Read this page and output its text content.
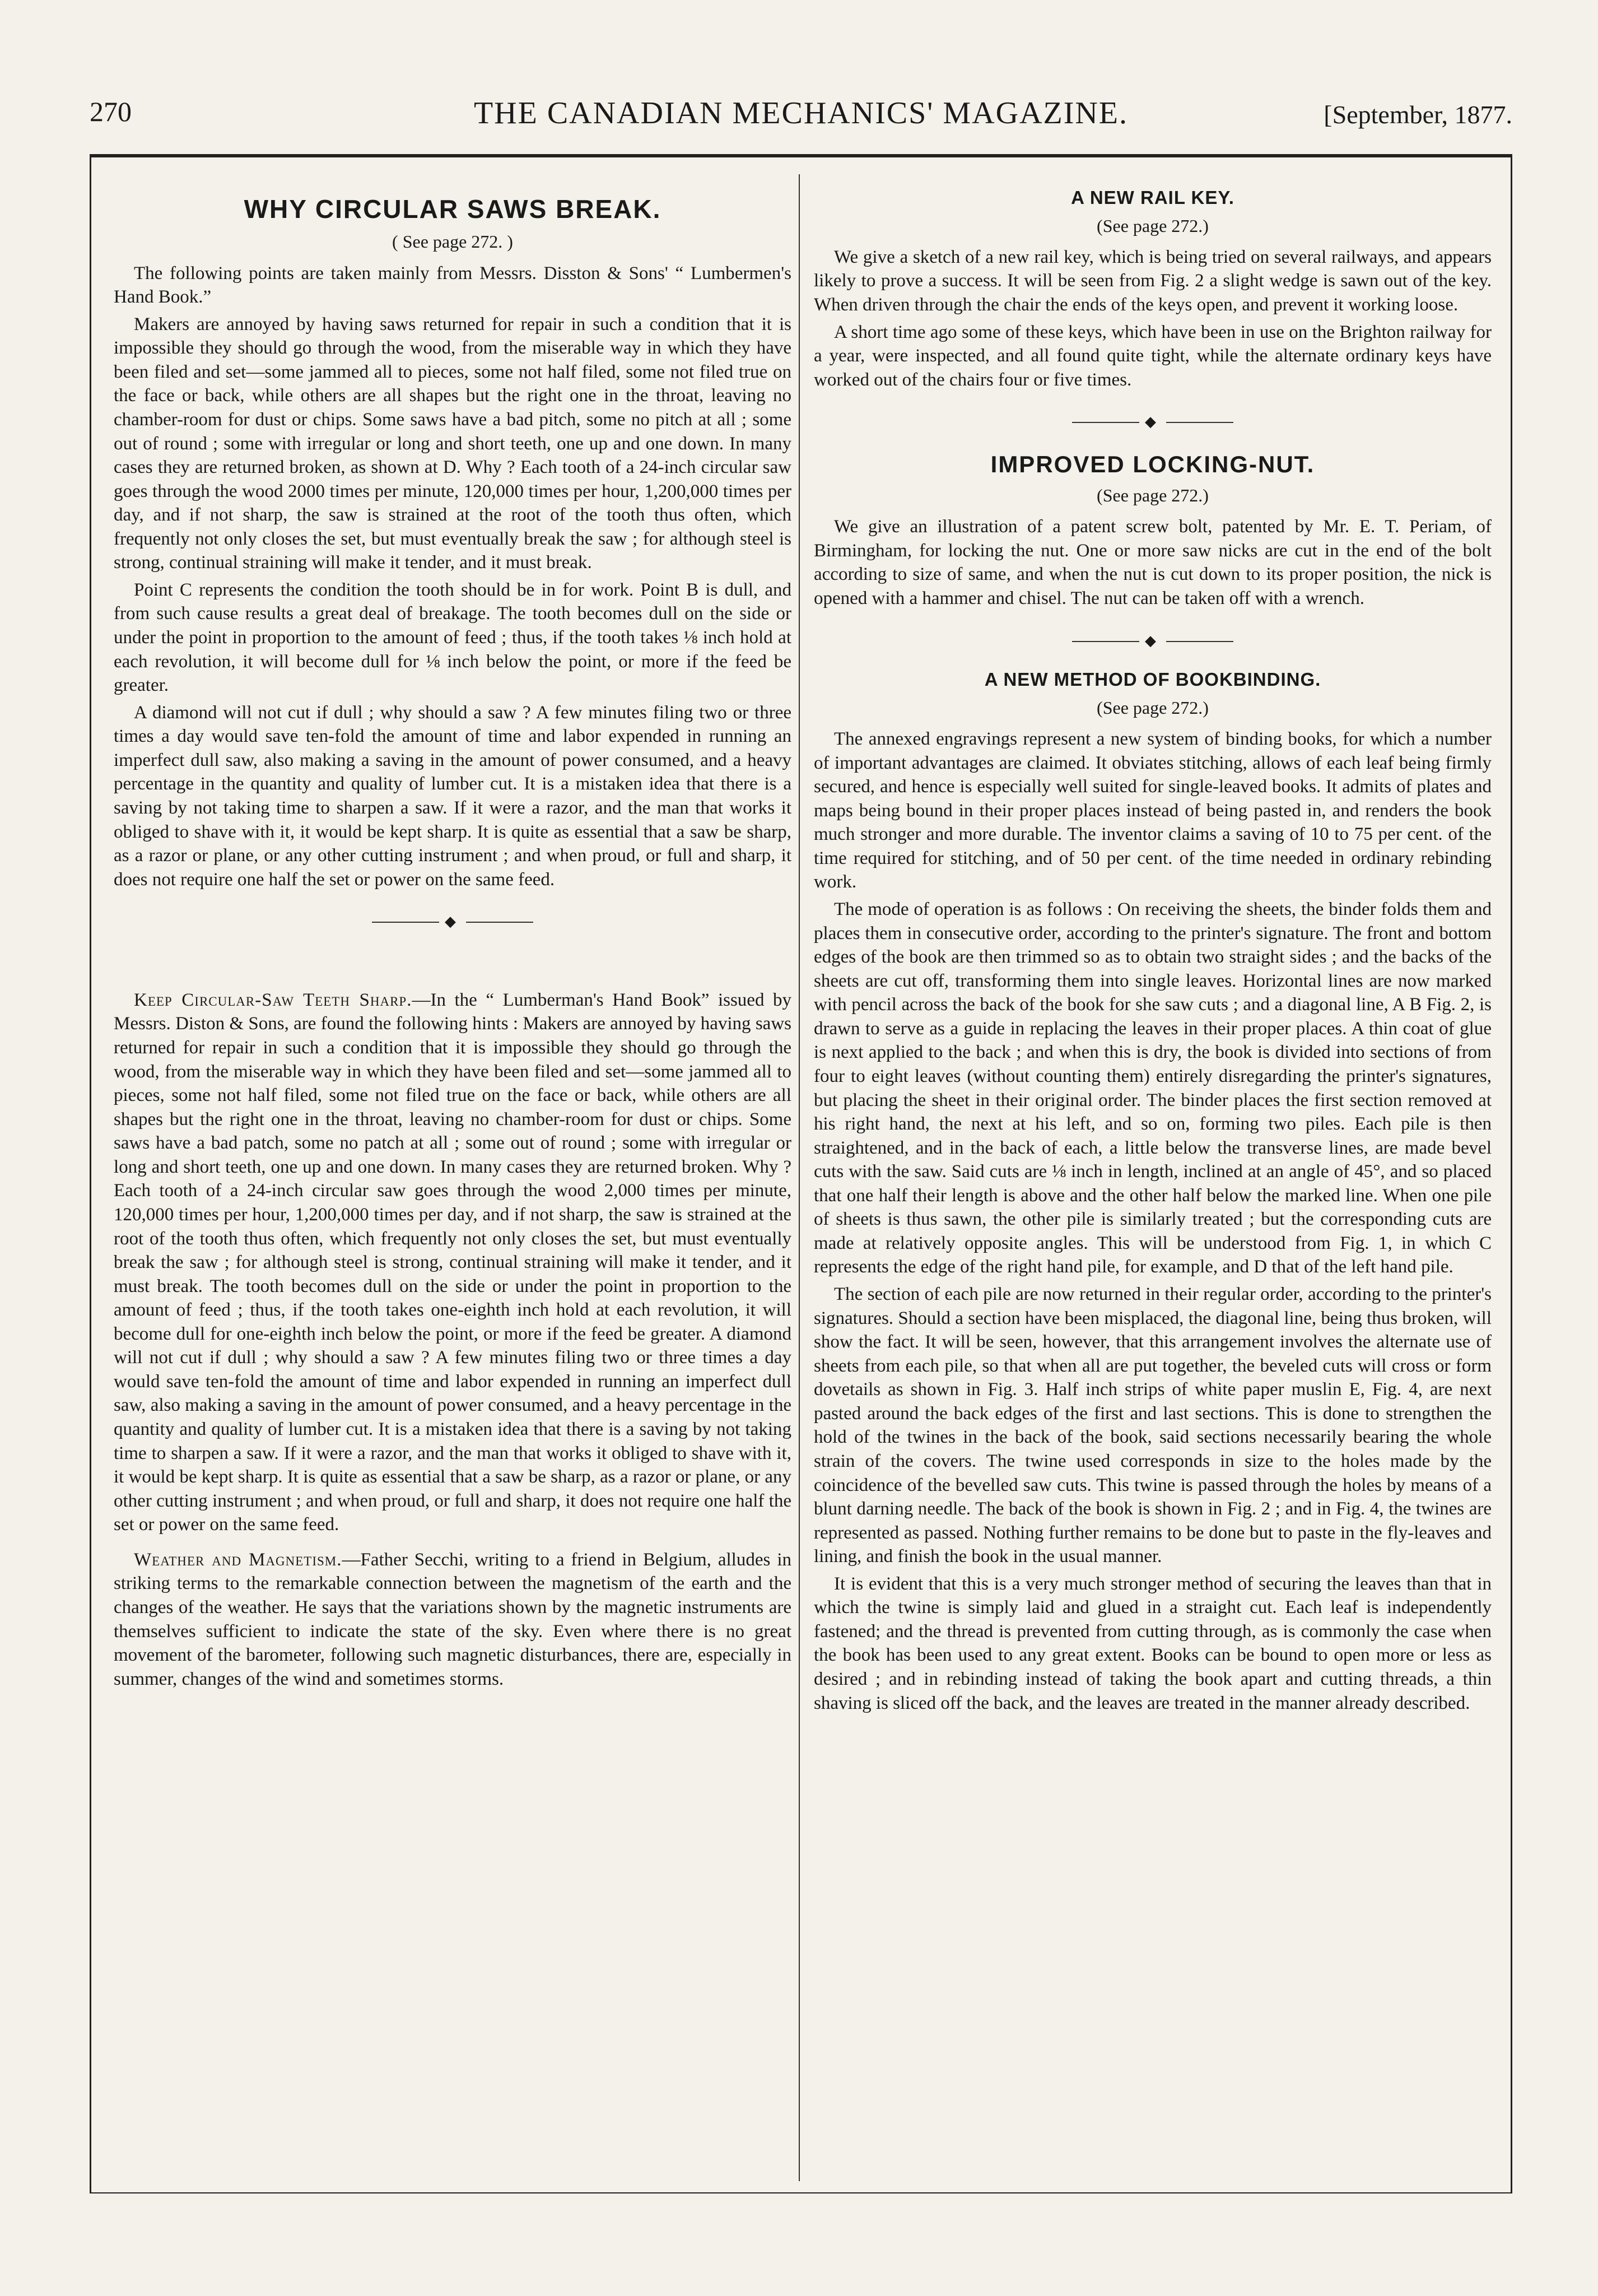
270	THE CANADIAN MECHANICS' MAGAZINE.	[September, 1877.
WHY CIRCULAR SAWS BREAK.
( See page 272. )

The following points are taken mainly from Messrs. Disston & Sons' “ Lumbermen's Hand Book.”

Makers are annoyed by having saws returned for repair in such a condition that it is impossible they should go through the wood, from the miserable way in which they have been filed and set—some jammed all to pieces, some not half filed, some not filed true on the face or back, while others are all shapes but the right one in the throat, leaving no chamber-room for dust or chips. Some saws have a bad pitch, some no pitch at all ; some out of round ; some with irregular or long and short teeth, one up and one down. In many cases they are returned broken, as shown at D. Why ? Each tooth of a 24-inch circular saw goes through the wood 2000 times per minute, 120,000 times per hour, 1,200,000 times per day, and if not sharp, the saw is strained at the root of the tooth thus often, which frequently not only closes the set, but must eventually break the saw ; for although steel is strong, continual straining will make it tender, and it must break.

Point C represents the condition the tooth should be in for work. Point B is dull, and from such cause results a great deal of breakage. The tooth becomes dull on the side or under the point in proportion to the amount of feed ; thus, if the tooth takes ⅛ inch hold at each revolution, it will become dull for ⅛ inch below the point, or more if the feed be greater.

A diamond will not cut if dull ; why should a saw ? A few minutes filing two or three times a day would save ten-fold the amount of time and labor expended in running an imperfect dull saw, also making a saving in the amount of power consumed, and a heavy percentage in the quantity and quality of lumber cut. It is a mistaken idea that there is a saving by not taking time to sharpen a saw. If it were a razor, and the man that works it obliged to shave with it, it would be kept sharp. It is quite as essential that a saw be sharp, as a razor or plane, or any other cutting instrument ; and when proud, or full and sharp, it does not require one half the set or power on the same feed.

◆

Keep Circular-Saw Teeth Sharp.—In the “ Lumberman's Hand Book” issued by Messrs. Diston & Sons, are found the following hints : Makers are annoyed by having saws returned for repair in such a condition that it is impossible they should go through the wood, from the miserable way in which they have been filed and set—some jammed all to pieces, some not half filed, some not filed true on the face or back, while others are all shapes but the right one in the throat, leaving no chamber-room for dust or chips. Some saws have a bad patch, some no patch at all ; some out of round ; some with irregular or long and short teeth, one up and one down. In many cases they are returned broken. Why ? Each tooth of a 24-inch circular saw goes through the wood 2,000 times per minute, 120,000 times per hour, 1,200,000 times per day, and if not sharp, the saw is strained at the root of the tooth thus often, which frequently not only closes the set, but must eventually break the saw ; for although steel is strong, continual straining will make it tender, and it must break. The tooth becomes dull on the side or under the point in proportion to the amount of feed ; thus, if the tooth takes one-eighth inch hold at each revolution, it will become dull for one-eighth inch below the point, or more if the feed be greater. A diamond will not cut if dull ; why should a saw ? A few minutes filing two or three times a day would save ten-fold the amount of time and labor expended in running an imperfect dull saw, also making a saving in the amount of power consumed, and a heavy percentage in the quantity and quality of lumber cut. It is a mistaken idea that there is a saving by not taking time to sharpen a saw. If it were a razor, and the man that works it obliged to shave with it, it would be kept sharp. It is quite as essential that a saw be sharp, as a razor or plane, or any other cutting instrument ; and when proud, or full and sharp, it does not require one half the set or power on the same feed.

Weather and Magnetism.—Father Secchi, writing to a friend in Belgium, alludes in striking terms to the remarkable connection between the magnetism of the earth and the changes of the weather. He says that the variations shown by the magnetic instruments are themselves sufficient to indicate the state of the sky. Even where there is no great movement of the barometer, following such magnetic disturbances, there are, especially in summer, changes of the wind and sometimes storms.

A NEW RAIL KEY.
(See page 272.)

We give a sketch of a new rail key, which is being tried on several railways, and appears likely to prove a success. It will be seen from Fig. 2 a slight wedge is sawn out of the key. When driven through the chair the ends of the keys open, and prevent it working loose.

A short time ago some of these keys, which have been in use on the Brighton railway for a year, were inspected, and all found quite tight, while the alternate ordinary keys have worked out of the chairs four or five times.

◆
IMPROVED LOCKING-NUT.
(See page 272.)

We give an illustration of a patent screw bolt, patented by Mr. E. T. Periam, of Birmingham, for locking the nut. One or more saw nicks are cut in the end of the bolt according to size of same, and when the nut is cut down to its proper position, the nick is opened with a hammer and chisel. The nut can be taken off with a wrench.

◆
A NEW METHOD OF BOOKBINDING.
(See page 272.)

The annexed engravings represent a new system of binding books, for which a number of important advantages are claimed. It obviates stitching, allows of each leaf being firmly secured, and hence is especially well suited for single-leaved books. It admits of plates and maps being bound in their proper places instead of being pasted in, and renders the book much stronger and more durable. The inventor claims a saving of 10 to 75 per cent. of the time required for stitching, and of 50 per cent. of the time needed in ordinary rebinding work.

The mode of operation is as follows : On receiving the sheets, the binder folds them and places them in consecutive order, according to the printer's signature. The front and bottom edges of the book are then trimmed so as to obtain two straight sides ; and the backs of the sheets are cut off, transforming them into single leaves. Horizontal lines are now marked with pencil across the back of the book for she saw cuts ; and a diagonal line, A B Fig. 2, is drawn to serve as a guide in replacing the leaves in their proper places. A thin coat of glue is next applied to the back ; and when this is dry, the book is divided into sections of from four to eight leaves (without counting them) entirely disregarding the printer's signatures, but placing the sheet in their original order. The binder places the first section removed at his right hand, the next at his left, and so on, forming two piles. Each pile is then straightened, and in the back of each, a little below the transverse lines, are made bevel cuts with the saw. Said cuts are ⅛ inch in length, inclined at an angle of 45°, and so placed that one half their length is above and the other half below the marked line. When one pile of sheets is thus sawn, the other pile is similarly treated ; but the corresponding cuts are made at relatively opposite angles. This will be understood from Fig. 1, in which C represents the edge of the right hand pile, for example, and D that of the left hand pile.

The section of each pile are now returned in their regular order, according to the printer's signatures. Should a section have been misplaced, the diagonal line, being thus broken, will show the fact. It will be seen, however, that this arrangement involves the alternate use of sheets from each pile, so that when all are put together, the beveled cuts will cross or form dovetails as shown in Fig. 3. Half inch strips of white paper muslin E, Fig. 4, are next pasted around the back edges of the first and last sections. This is done to strengthen the hold of the twines in the back of the book, said sections necessarily bearing the whole strain of the covers. The twine used corresponds in size to the holes made by the coincidence of the bevelled saw cuts. This twine is passed through the holes by means of a blunt darning needle. The back of the book is shown in Fig. 2 ; and in Fig. 4, the twines are represented as passed. Nothing further remains to be done but to paste in the fly-leaves and lining, and finish the book in the usual manner.

It is evident that this is a very much stronger method of securing the leaves than that in which the twine is simply laid and glued in a straight cut. Each leaf is independently fastened; and the thread is prevented from cutting through, as is commonly the case when the book has been used to any great extent. Books can be bound to open more or less as desired ; and in rebinding instead of taking the book apart and cutting threads, a thin shaving is sliced off the back, and the leaves are treated in the manner already described.
